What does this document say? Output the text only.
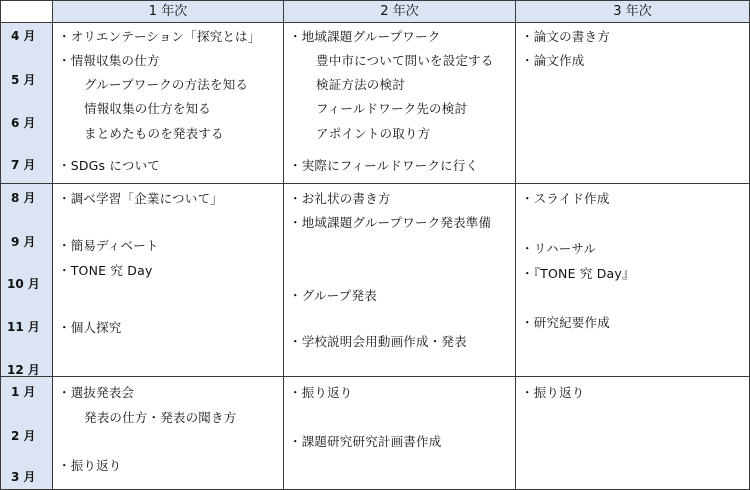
1 年次	2 年次	3 年次
4 月
5 月
6 月
7 月
8 月
9 月
10 月
11 月
12 月
1 月
2 月
3 月
・オリエンテーション「探究とは」
・情報収集の仕方
グループワークの方法を知る
情報収集の仕方を知る
まとめたものを発表する
・SDGs について
・地域課題グループワーク
豊中市について問いを設定する
検証方法の検討
フィールドワーク先の検討
アポイントの取り方
・実際にフィールドワークに行く
・論文の書き方
・論文作成
・調べ学習「企業について」
・簡易ディベート
・TONE 究 Day
・個人探究
・お礼状の書き方
・地域課題グループワーク発表準備
・グループ発表
・学校説明会用動画作成・発表
・スライド作成
・リハーサル
・『TONE 究 Day』
・研究紀要作成
・選抜発表会
発表の仕方・発表の聞き方
・振り返り
・振り返り
・課題研究研究計画書作成
・振り返り
